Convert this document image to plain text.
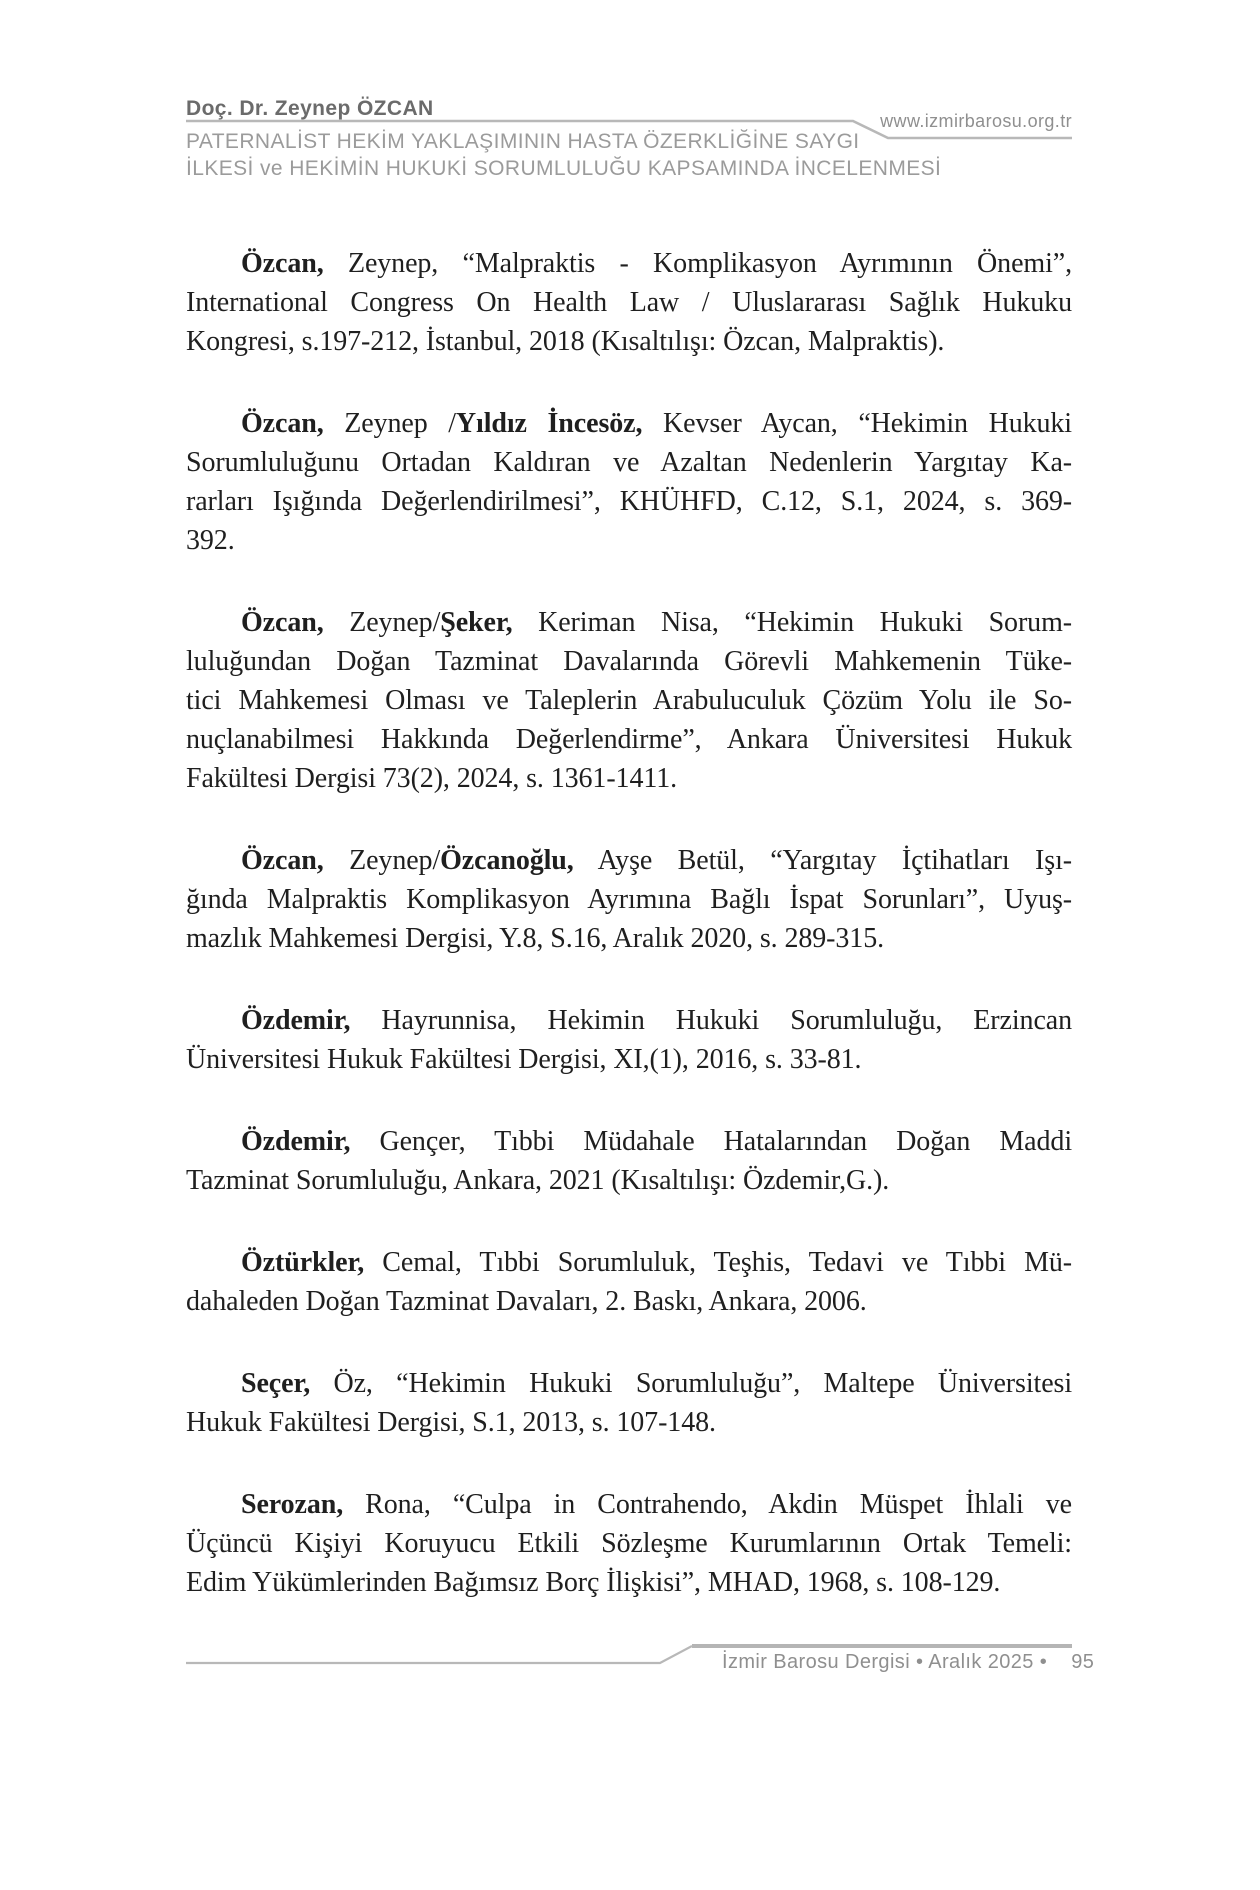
Doç. Dr. Zeynep ÖZCAN
www.izmirbarosu.org.tr
PATERNALİST HEKİM YAKLAŞIMININ HASTA ÖZERKLİĞİNE SAYGI
İLKESİ ve HEKİMİN HUKUKİ SORUMLULUĞU KAPSAMINDA İNCELENMESİ
Özcan, Zeynep, “Malpraktis - Komplikasyon Ayrımının Önemi”,
International Congress On Health Law / Uluslararası Sağlık Hukuku
Kongresi, s.197-212, İstanbul, 2018 (Kısaltılışı: Özcan, Malpraktis).
Özcan, Zeynep /Yıldız İncesöz, Kevser Aycan, “Hekimin Hukuki
Sorumluluğunu Ortadan Kaldıran ve Azaltan Nedenlerin Yargıtay Ka-
rarları Işığında Değerlendirilmesi”, KHÜHFD, C.12, S.1, 2024, s. 369-
392.
Özcan, Zeynep/Şeker, Keriman Nisa, “Hekimin Hukuki Sorum-
luluğundan Doğan Tazminat Davalarında Görevli Mahkemenin Tüke-
tici Mahkemesi Olması ve Taleplerin Arabuluculuk Çözüm Yolu ile So-
nuçlanabilmesi Hakkında Değerlendirme”, Ankara Üniversitesi Hukuk
Fakültesi Dergisi 73(2), 2024, s. 1361-1411.
Özcan, Zeynep/Özcanoğlu, Ayşe Betül, “Yargıtay İçtihatları Işı-
ğında Malpraktis Komplikasyon Ayrımına Bağlı İspat Sorunları”, Uyuş-
mazlık Mahkemesi Dergisi, Y.8, S.16, Aralık 2020, s. 289-315.
Özdemir, Hayrunnisa, Hekimin Hukuki Sorumluluğu, Erzincan
Üniversitesi Hukuk Fakültesi Dergisi, XI,(1), 2016, s. 33-81.
Özdemir, Gençer, Tıbbi Müdahale Hatalarından Doğan Maddi
Tazminat Sorumluluğu, Ankara, 2021 (Kısaltılışı: Özdemir,G.).
Öztürkler, Cemal, Tıbbi Sorumluluk, Teşhis, Tedavi ve Tıbbi Mü-
dahaleden Doğan Tazminat Davaları, 2. Baskı, Ankara, 2006.
Seçer, Öz, “Hekimin Hukuki Sorumluluğu”, Maltepe Üniversitesi
Hukuk Fakültesi Dergisi, S.1, 2013, s. 107-148.
Serozan, Rona, “Culpa in Contrahendo, Akdin Müspet İhlali ve
Üçüncü Kişiyi Koruyucu Etkili Sözleşme Kurumlarının Ortak Temeli:
Edim Yükümlerinden Bağımsız Borç İlişkisi”, MHAD, 1968, s. 108-129.
İzmir Barosu Dergisi • Aralık 2025 • 95
